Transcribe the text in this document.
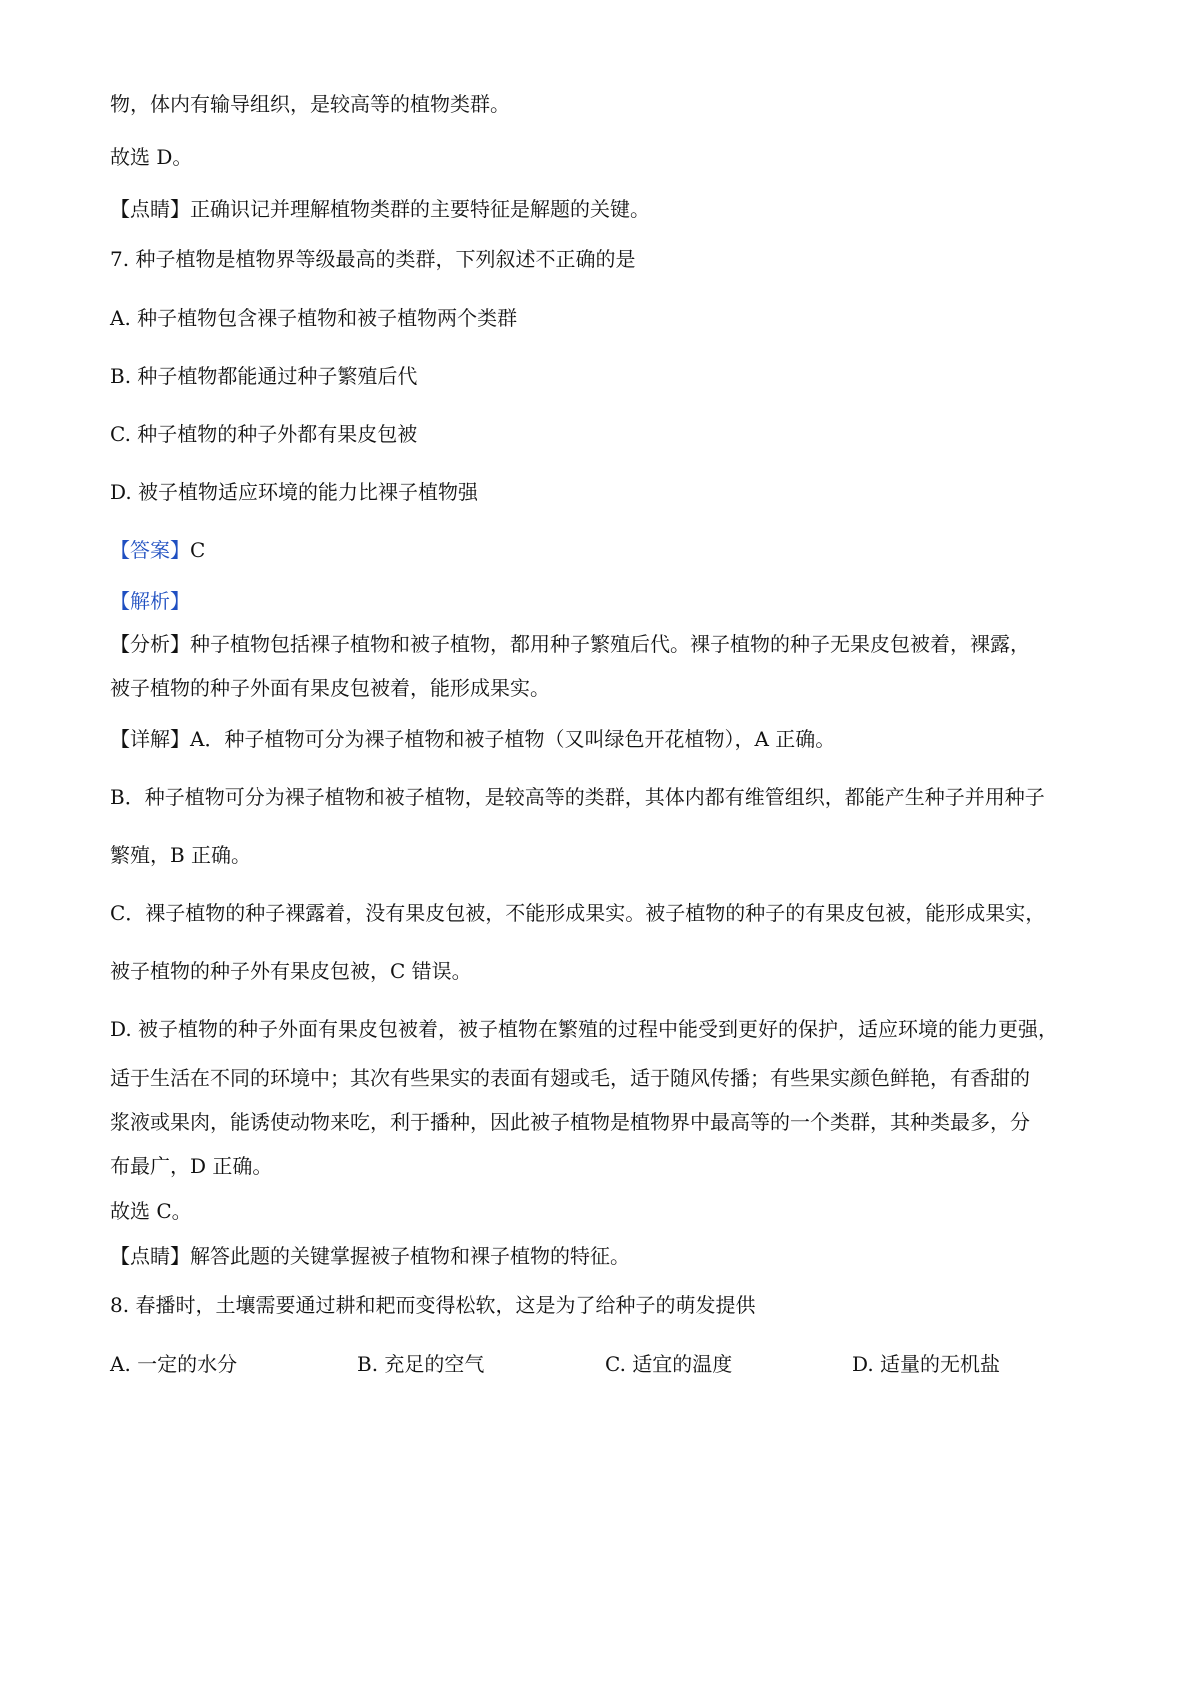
物，体内有输导组织，是较高等的植物类群。
故选 D。
【点睛】正确识记并理解植物类群的主要特征是解题的关键。
7. 种子植物是植物界等级最高的类群，下列叙述不正确的是
A. 种子植物包含裸子植物和被子植物两个类群
B. 种子植物都能通过种子繁殖后代
C. 种子植物的种子外都有果皮包被
D. 被子植物适应环境的能力比裸子植物强
【答案】C
【解析】
【分析】种子植物包括裸子植物和被子植物，都用种子繁殖后代。裸子植物的种子无果皮包被着，裸露，
被子植物的种子外面有果皮包被着，能形成果实。
【详解】A．种子植物可分为裸子植物和被子植物（又叫绿色开花植物），A 正确。
B．种子植物可分为裸子植物和被子植物，是较高等的类群，其体内都有维管组织，都能产生种子并用种子
繁殖，B 正确。
C．裸子植物的种子裸露着，没有果皮包被，不能形成果实。被子植物的种子的有果皮包被，能形成果实，
被子植物的种子外有果皮包被，C 错误。
D. 被子植物的种子外面有果皮包被着，被子植物在繁殖的过程中能受到更好的保护，适应环境的能力更强，
适于生活在不同的环境中；其次有些果实的表面有翅或毛，适于随风传播；有些果实颜色鲜艳，有香甜的
浆液或果肉，能诱使动物来吃，利于播种，因此被子植物是植物界中最高等的一个类群，其种类最多，分
布最广，D 正确。
故选 C。
【点睛】解答此题的关键掌握被子植物和裸子植物的特征。
8. 春播时，土壤需要通过耕和耙而变得松软，这是为了给种子的萌发提供
A. 一定的水分	B. 充足的空气	C. 适宜的温度	D. 适量的无机盐
